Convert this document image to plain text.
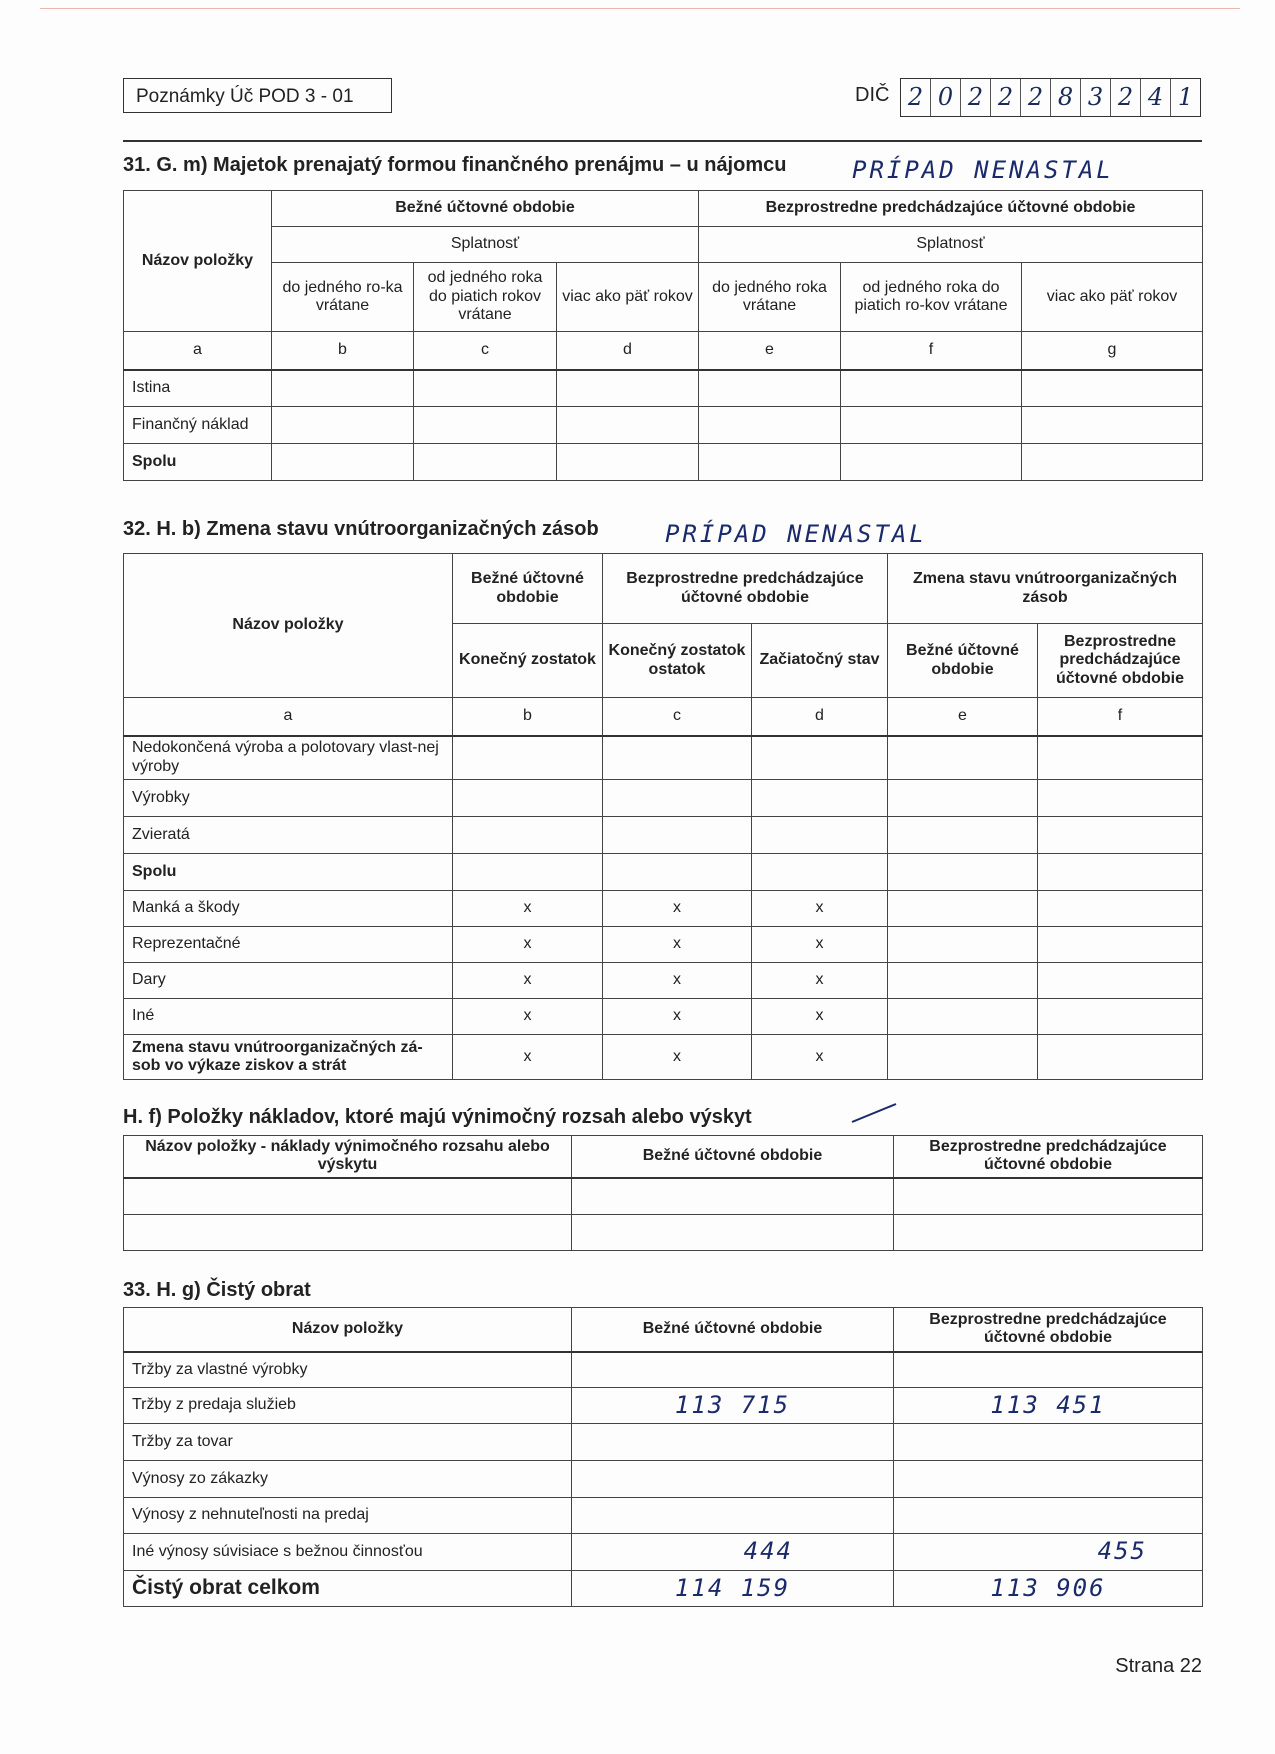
Poznámky Úč POD 3 - 01	DIČ 2 0 2 2 2 8 3 2 4 1
31. G. m) Majetok prenajatý formou finančného prenájmu – u nájomcu	PRÍPAD NENASTAL
Názov položky	Bežné účtovné obdobie			Bezprostredne predchádzajúce účtovné obdobie		
	Splatnosť			Splatnosť		
	do jedného ro-ka vrátane	od jedného roka do piatich rokov vrátane	viac ako päť rokov	do jedného roka vrátane	od jedného roka do piatich ro-kov vrátane	viac ako päť rokov
a	b	c	d	e	f	g
Istina						
Finančný náklad						
Spolu						
32. H. b) Zmena stavu vnútroorganizačných zásob	PRÍPAD NENASTAL
Názov položky	Bežné účtovné obdobie	Bezprostredne predchádzajúce účtovné obdobie		Zmena stavu vnútroorganizačných zásob	
	Konečný zostatok	Konečný zostatok ostatok	Začiatočný stav	Bežné účtovné obdobie	Bezprostredne predchádzajúce účtovné obdobie
a	b	c	d	e	f
Nedokončená výroba a polotovary vlast-nej výroby					
Výrobky					
Zvieratá					
Spolu					
Manká a škody	x	x	x		
Reprezentačné	x	x	x		
Dary	x	x	x		
Iné	x	x	x		
Zmena stavu vnútroorganizačných zá-sob vo výkaze ziskov a strát	x	x	x		
H. f) Položky nákladov, ktoré majú výnimočný rozsah alebo výskyt
Názov položky - náklady výnimočného rozsahu alebo výskytu	Bežné účtovné obdobie	Bezprostredne predchádzajúce účtovné obdobie

33. H. g) Čistý obrat
Názov položky	Bežné účtovné obdobie	Bezprostredne predchádzajúce účtovné obdobie
Tržby za vlastné výrobky		
Tržby z predaja služieb	113 715	113 451
Tržby za tovar		
Výnosy zo zákazky		
Výnosy z nehnuteľnosti na predaj		
Iné výnosy súvisiace s bežnou činnosťou	444	455
Čistý obrat celkom	114 159	113 906
Strana 22
